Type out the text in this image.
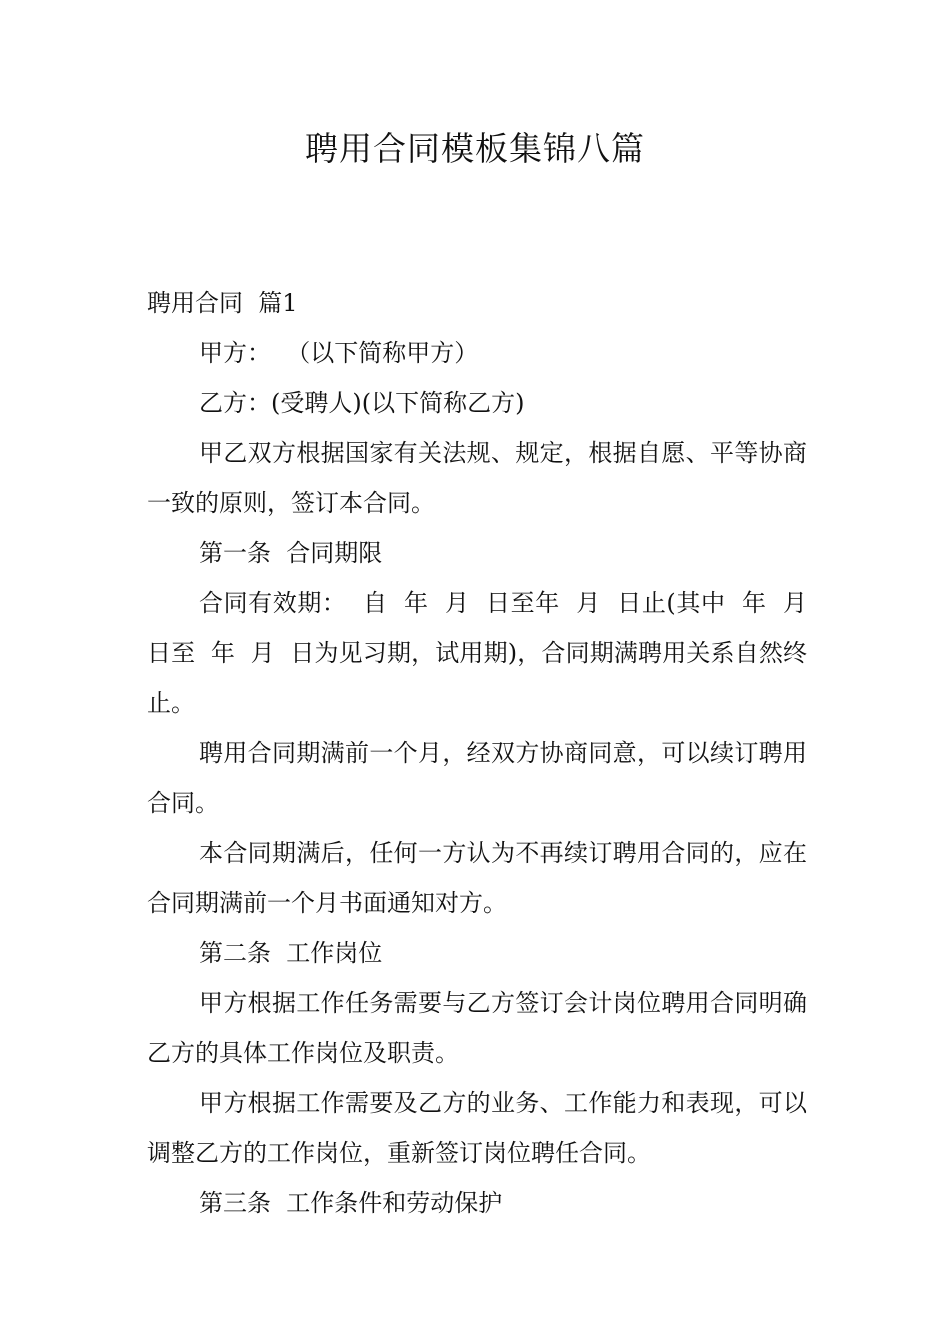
聘用合同模板集锦八篇

聘用合同  篇1

甲方：  （以下简称甲方）

乙方：(受聘人)(以下简称乙方)

甲乙双方根据国家有关法规、规定，根据自愿、平等协商一致的原则，签订本合同。

第一条  合同期限

合同有效期：  自  年  月  日至年  月  日止(其中  年  月  日至  年  月  日为见习期，试用期)，合同期满聘用关系自然终止。

聘用合同期满前一个月，经双方协商同意，可以续订聘用合同。

本合同期满后，任何一方认为不再续订聘用合同的，应在合同期满前一个月书面通知对方。

第二条  工作岗位

甲方根据工作任务需要与乙方签订会计岗位聘用合同明确乙方的具体工作岗位及职责。

甲方根据工作需要及乙方的业务、工作能力和表现，可以调整乙方的工作岗位，重新签订岗位聘任合同。

第三条  工作条件和劳动保护
